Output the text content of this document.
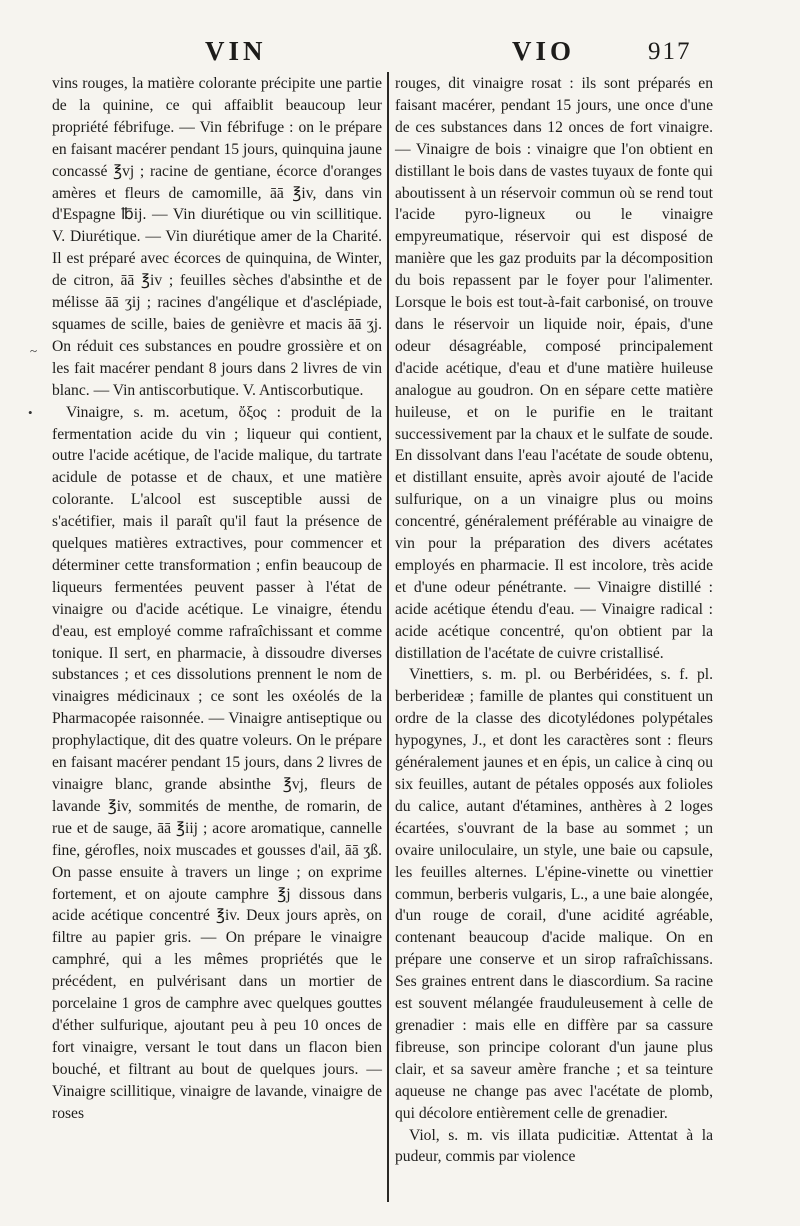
VIN	VIO	917

vins rouges, la matière colorante précipite une partie de la quinine, ce qui affaiblit beaucoup leur propriété fébrifuge. — Vin fébrifuge : on le prépare en faisant macérer pendant 15 jours, quinquina jaune concassé ℥vj ; racine de gentiane, écorce d'oranges amères et fleurs de camomille, āā ℥iv, dans vin d'Espagne ℔ij. — Vin diurétique ou vin scillitique. V. Diurétique. — Vin diurétique amer de la Charité. Il est préparé avec écorces de quinquina, de Winter, de citron, āā ℥iv ; feuilles sèches d'absinthe et de mélisse āā ʒij ; racines d'angélique et d'asclépiade, squames de scille, baies de genièvre et macis āā ʒj. On réduit ces substances en poudre grossière et on les fait macérer pendant 8 jours dans 2 livres de vin blanc. — Vin antiscorbutique. V. Antiscorbutique.

Vinaigre, s. m. acetum, ὄξος : produit de la fermentation acide du vin ; liqueur qui contient, outre l'acide acétique, de l'acide malique, du tartrate acidule de potasse et de chaux, et une matière colorante. L'alcool est susceptible aussi de s'acétifier, mais il paraît qu'il faut la présence de quelques matières extractives, pour commencer et déterminer cette transformation ; enfin beaucoup de liqueurs fermentées peuvent passer à l'état de vinaigre ou d'acide acétique. Le vinaigre, étendu d'eau, est employé comme rafraîchissant et comme tonique. Il sert, en pharmacie, à dissoudre diverses substances ; et ces dissolutions prennent le nom de vinaigres médicinaux ; ce sont les oxéolés de la Pharmacopée raisonnée. — Vinaigre antiseptique ou prophylactique, dit des quatre voleurs. On le prépare en faisant macérer pendant 15 jours, dans 2 livres de vinaigre blanc, grande absinthe ℥vj, fleurs de lavande ℥iv, sommités de menthe, de romarin, de rue et de sauge, āā ℥iij ; acore aromatique, cannelle fine, gérofles, noix muscades et gousses d'ail, āā ʒß. On passe ensuite à travers un linge ; on exprime fortement, et on ajoute camphre ℥j dissous dans acide acétique concentré ℥iv. Deux jours après, on filtre au papier gris. — On prépare le vinaigre camphré, qui a les mêmes propriétés que le précédent, en pulvérisant dans un mortier de porcelaine 1 gros de camphre avec quelques gouttes d'éther sulfurique, ajoutant peu à peu 10 onces de fort vinaigre, versant le tout dans un flacon bien bouché, et filtrant au bout de quelques jours. — Vinaigre scillitique, vinaigre de lavande, vinaigre de roses

rouges, dit vinaigre rosat : ils sont préparés en faisant macérer, pendant 15 jours, une once d'une de ces substances dans 12 onces de fort vinaigre. — Vinaigre de bois : vinaigre que l'on obtient en distillant le bois dans de vastes tuyaux de fonte qui aboutissent à un réservoir commun où se rend tout l'acide pyro-ligneux ou le vinaigre empyreumatique, réservoir qui est disposé de manière que les gaz produits par la décomposition du bois repassent par le foyer pour l'alimenter. Lorsque le bois est tout-à-fait carbonisé, on trouve dans le réservoir un liquide noir, épais, d'une odeur désagréable, composé principalement d'acide acétique, d'eau et d'une matière huileuse analogue au goudron. On en sépare cette matière huileuse, et on le purifie en le traitant successivement par la chaux et le sulfate de soude. En dissolvant dans l'eau l'acétate de soude obtenu, et distillant ensuite, après avoir ajouté de l'acide sulfurique, on a un vinaigre plus ou moins concentré, généralement préférable au vinaigre de vin pour la préparation des divers acétates employés en pharmacie. Il est incolore, très acide et d'une odeur pénétrante. — Vinaigre distillé : acide acétique étendu d'eau. — Vinaigre radical : acide acétique concentré, qu'on obtient par la distillation de l'acétate de cuivre cristallisé.

Vinettiers, s. m. pl. ou Berbéridées, s. f. pl. berberideæ ; famille de plantes qui constituent un ordre de la classe des dicotylédones polypétales hypogynes, J., et dont les caractères sont : fleurs généralement jaunes et en épis, un calice à cinq ou six feuilles, autant de pétales opposés aux folioles du calice, autant d'étamines, anthères à 2 loges écartées, s'ouvrant de la base au sommet ; un ovaire uniloculaire, un style, une baie ou capsule, les feuilles alternes. L'épine-vinette ou vinettier commun, berberis vulgaris, L., a une baie alongée, d'un rouge de corail, d'une acidité agréable, contenant beaucoup d'acide malique. On en prépare une conserve et un sirop rafraîchissans. Ses graines entrent dans le diascordium. Sa racine est souvent mélangée frauduleusement à celle de grenadier : mais elle en diffère par sa cassure fibreuse, son principe colorant d'un jaune plus clair, et sa saveur amère franche ; et sa teinture aqueuse ne change pas avec l'acétate de plomb, qui décolore entièrement celle de grenadier.

Viol, s. m. vis illata pudicitiæ. Attentat à la pudeur, commis par violence

~
•
